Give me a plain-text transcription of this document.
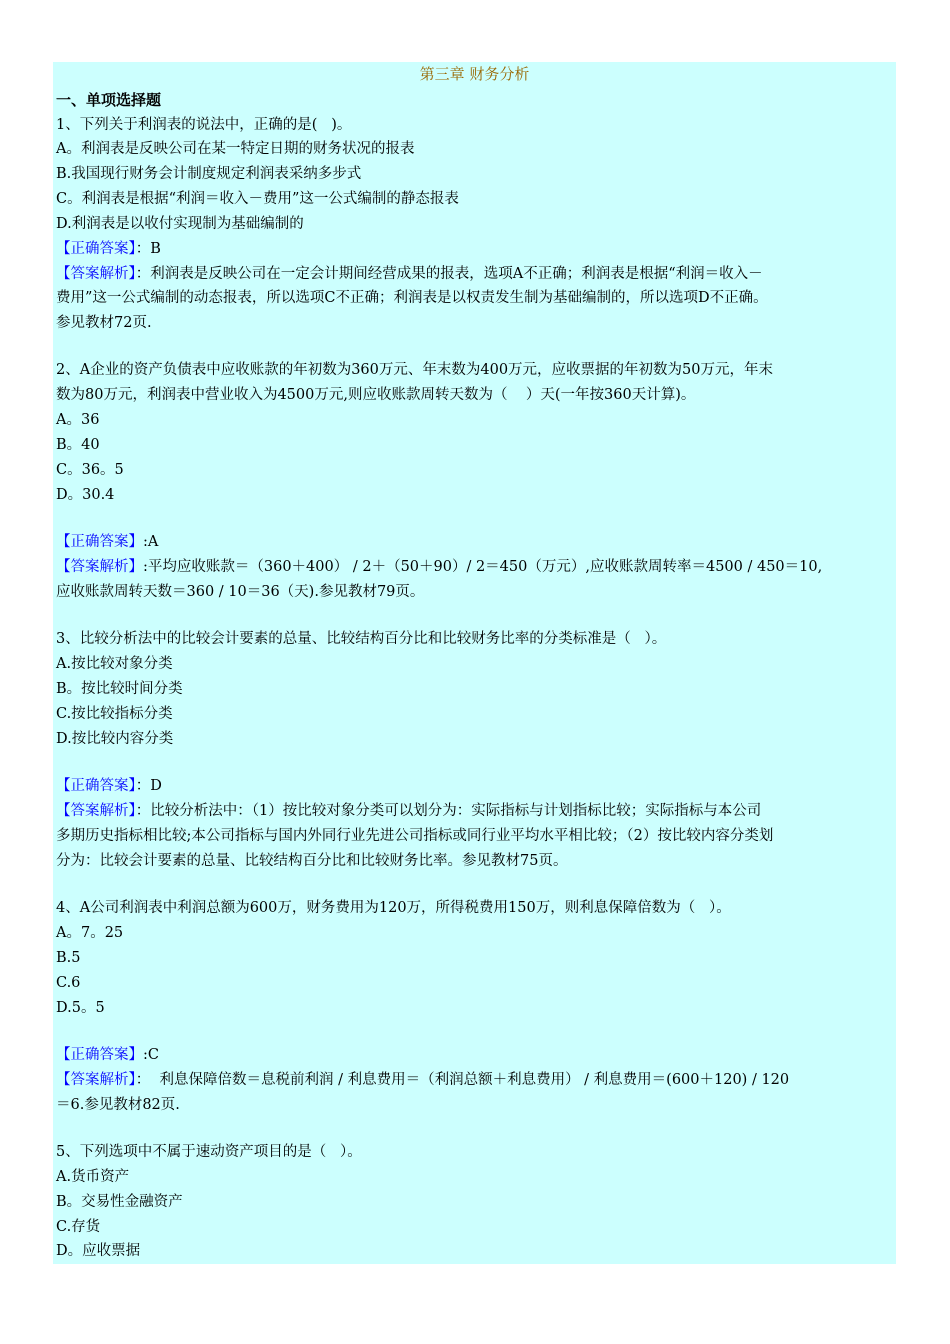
第三章 财务分析
一、单项选择题
1、下列关于利润表的说法中，正确的是(   )。
A。利润表是反映公司在某一特定日期的财务状况的报表
B.我国现行财务会计制度规定利润表采纳多步式
C。利润表是根据“利润＝收入－费用”这一公式编制的静态报表
D.利润表是以收付实现制为基础编制的
【正确答案】：B
【答案解析】：利润表是反映公司在一定会计期间经营成果的报表，选项A不正确；利润表是根据“利润＝收入－
费用”这一公式编制的动态报表，所以选项C不正确；利润表是以权责发生制为基础编制的，所以选项D不正确。
参见教材72页.
2、A企业的资产负债表中应收账款的年初数为360万元、年末数为400万元，应收票据的年初数为50万元，年末
数为80万元，利润表中营业收入为4500万元,则应收账款周转天数为（    ）天(一年按360天计算)。
A。36
B。40
C。36。5
D。30.4
【正确答案】:A
【答案解析】:平均应收账款＝（360＋400） / 2＋（50＋90）/ 2＝450（万元）,应收账款周转率＝4500 / 450＝10,
应收账款周转天数＝360 / 10＝36（天).参见教材79页。
3、比较分析法中的比较会计要素的总量、比较结构百分比和比较财务比率的分类标准是（   ）。
A.按比较对象分类
B。按比较时间分类
C.按比较指标分类
D.按比较内容分类
【正确答案】：D
【答案解析】：比较分析法中：（1）按比较对象分类可以划分为：实际指标与计划指标比较；实际指标与本公司
多期历史指标相比较;本公司指标与国内外同行业先进公司指标或同行业平均水平相比较；（2）按比较内容分类划
分为：比较会计要素的总量、比较结构百分比和比较财务比率。参见教材75页。
4、A公司利润表中利润总额为600万，财务费用为120万，所得税费用150万，则利息保障倍数为（   ）。
A。7。25
B.5
C.6
D.5。5
【正确答案】:C
【答案解析】：  利息保障倍数＝息税前利润 / 利息费用＝（利润总额＋利息费用） / 利息费用＝(600＋120) / 120
＝6.参见教材82页.
5、下列选项中不属于速动资产项目的是（   ）。
A.货币资产
B。交易性金融资产
C.存货
D。应收票据
